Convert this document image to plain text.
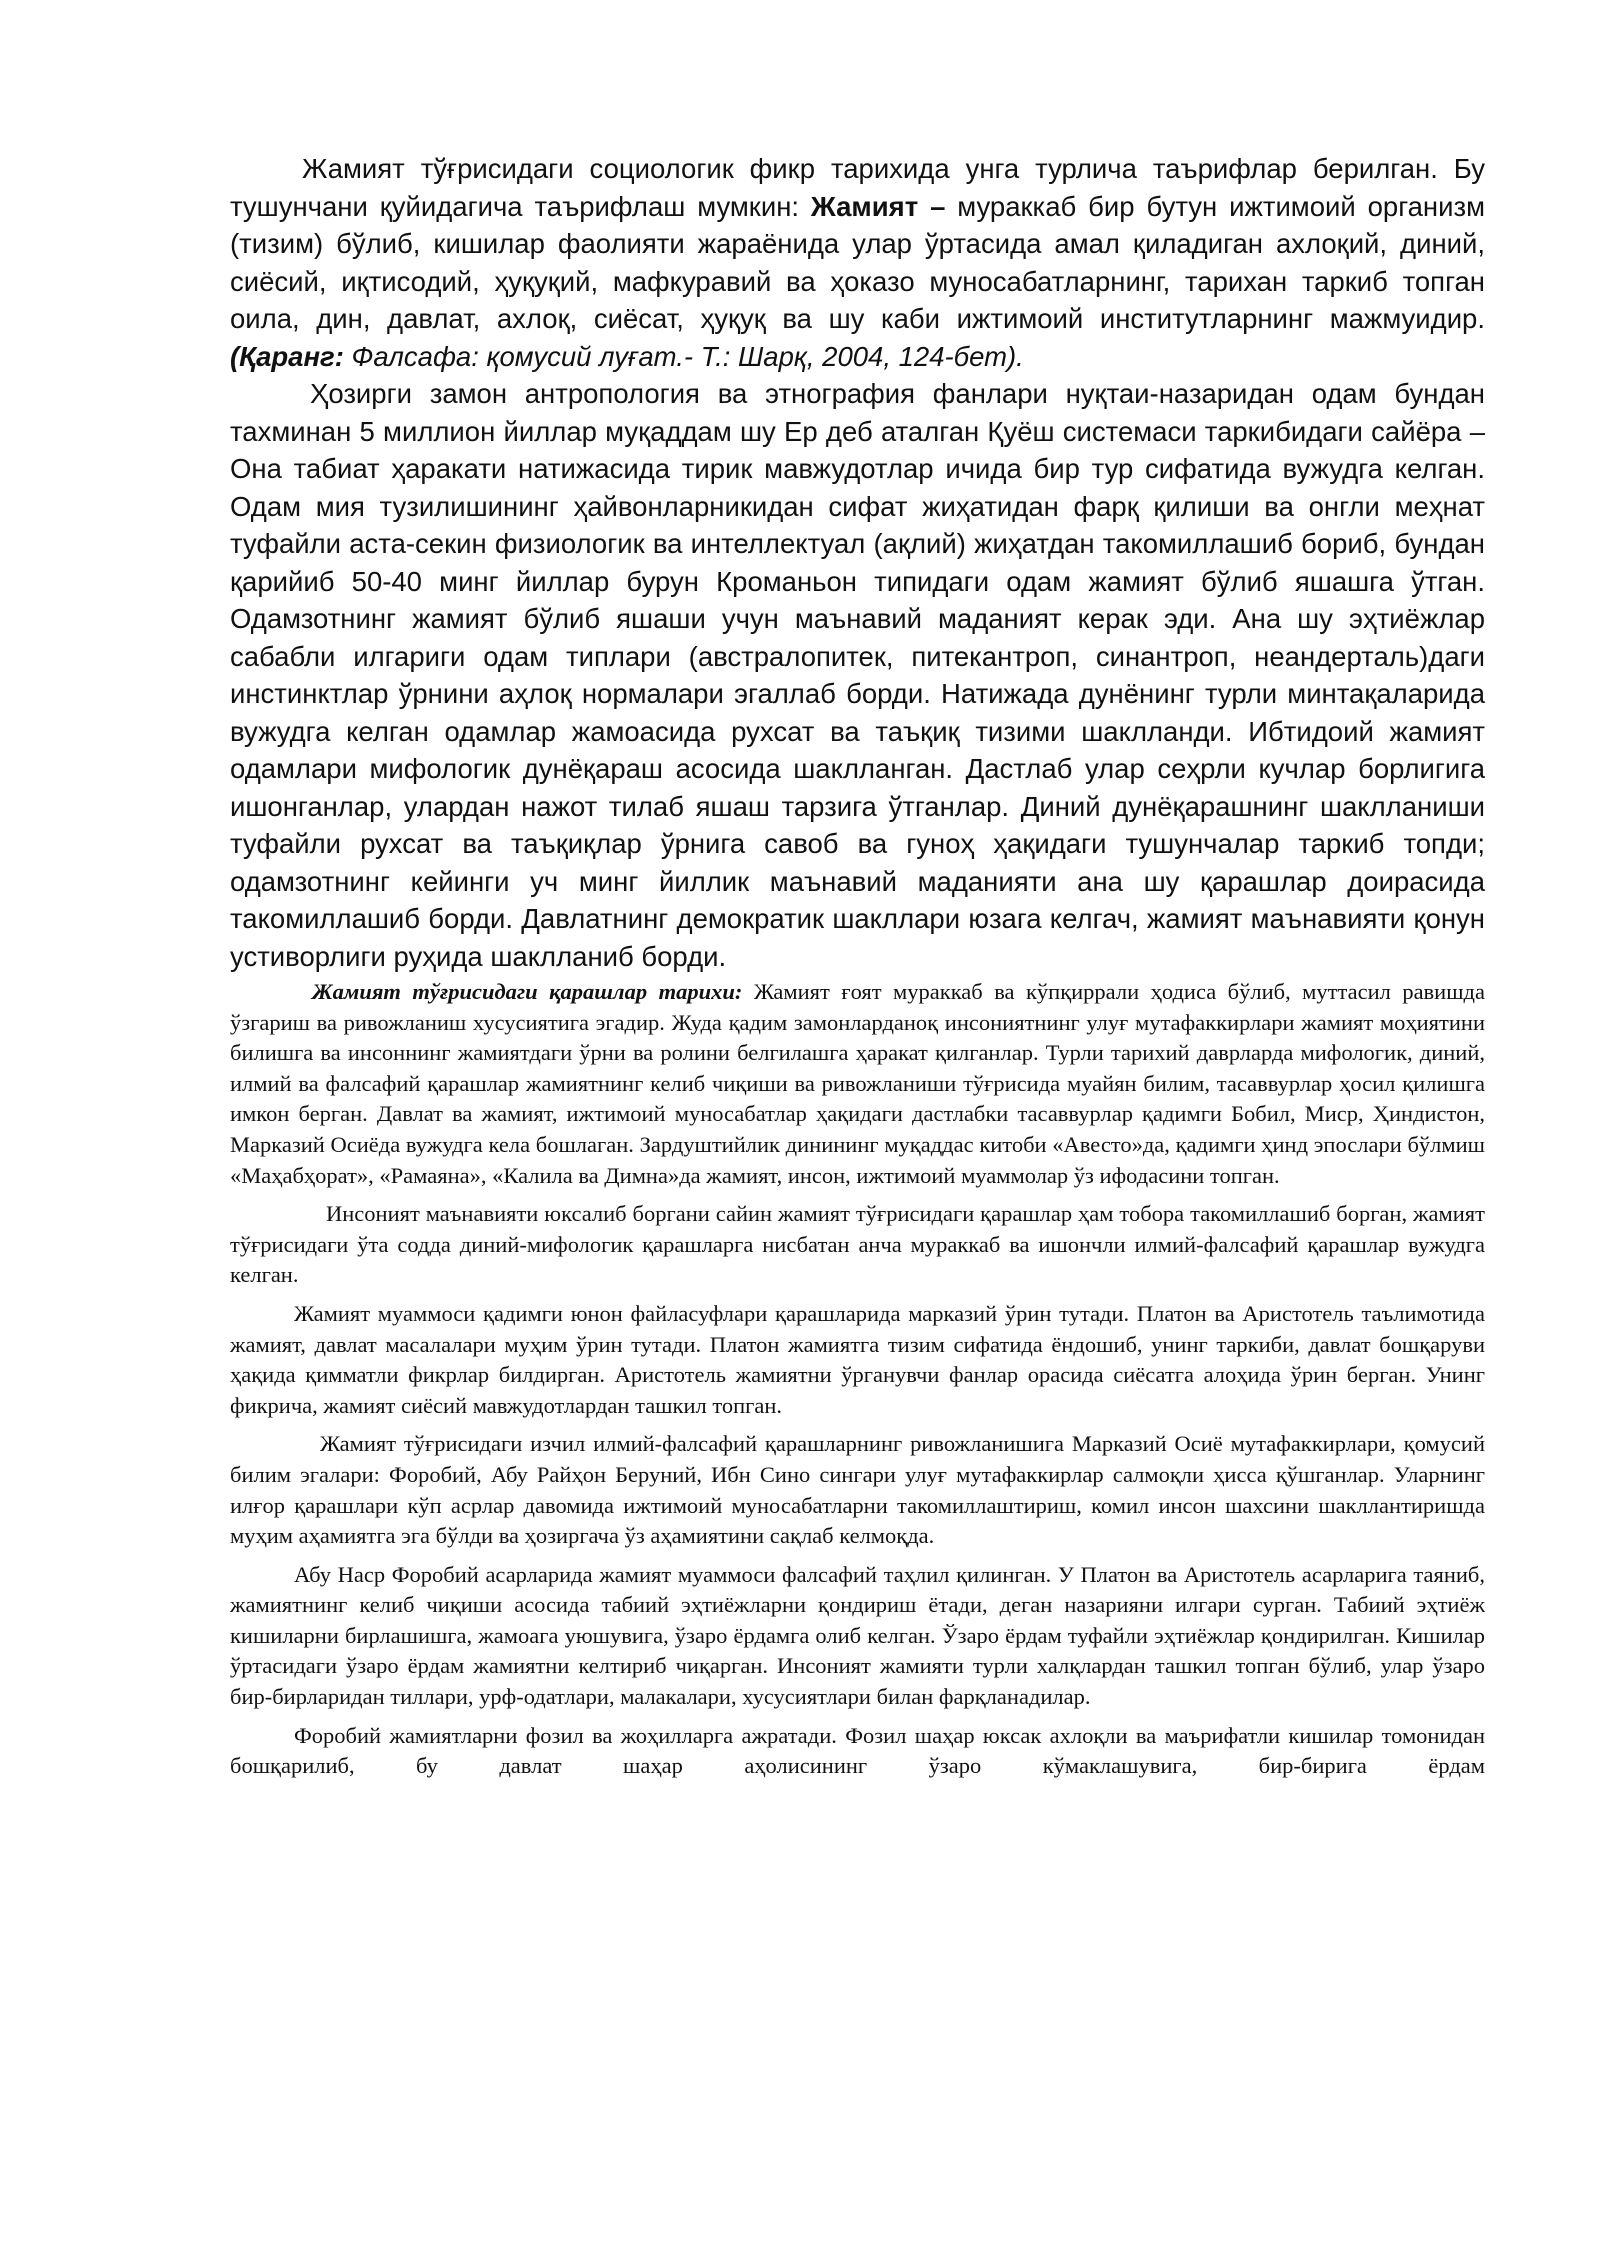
Жамият тўғрисидаги социологик фикр тарихида унга турлича таърифлар берилган. Бу тушунчани қуйидагича таърифлаш мумкин: Жамият – мураккаб бир бутун ижтимоий организм (тизим) бўлиб, кишилар фаолияти жараёнида улар ўртасида амал қиладиган ахлоқий, диний, сиёсий, иқтисодий, ҳуқуқий, мафкуравий ва ҳоказо муносабатларнинг, тарихан таркиб топган оила, дин, давлат, ахлоқ, сиёсат, ҳуқуқ ва шу каби ижтимоий институтларнинг мажмуидир.(Қаранг: Фалсафа: қомусий луғат.- Т.: Шарқ, 2004, 124-бет).

Ҳозирги замон антропология ва этнография фанлари нуқтаи-назаридан одам бундан тахминан 5 миллион йиллар муқаддам шу Ер деб аталган Қуёш системаси таркибидаги сайёра – Она табиат ҳаракати натижасида тирик мавжудотлар ичида бир тур сифатида вужудга келган. Одам мия тузилишининг ҳайвонларникидан сифат жиҳатидан фарқ қилиши ва онгли меҳнат туфайли аста-секин физиологик ва интеллектуал (ақлий) жиҳатдан такомиллашиб бориб, бундан қарийиб 50-40 минг йиллар бурун Кроманьон типидаги одам жамият бўлиб яшашга ўтган. Одамзотнинг жамият бўлиб яшаши учун маънавий маданият керак эди. Ана шу эҳтиёжлар сабабли илгариги одам типлари (австралопитек, питекантроп, синантроп, неандерталь)даги инстинктлар ўрнини аҳлоқ нормалари эгаллаб борди. Натижада дунёнинг турли минтақаларида вужудга келган одамлар жамоасида рухсат ва таъқиқ тизими шаклланди. Ибтидоий жамият одамлари мифологик дунёқараш асосида шаклланган. Дастлаб улар сеҳрли кучлар борлигига ишонганлар, улардан нажот тилаб яшаш тарзига ўтганлар. Диний дунёқарашнинг шаклланиши туфайли рухсат ва таъқиқлар ўрнига савоб ва гуноҳ ҳақидаги тушунчалар таркиб топди; одамзотнинг кейинги уч минг йиллик маънавий маданияти ана шу қарашлар доирасида такомиллашиб борди. Давлатнинг демократик шакллари юзага келгач, жамият маънавияти қонун устиворлиги руҳида шаклланиб борди.

Жамият тўғрисидаги қарашлар тарихи: Жамият ғоят мураккаб ва кўпқиррали ҳодиса бўлиб, муттасил равишда ўзгариш ва ривожланиш хусусиятига эгадир. Жуда қадим замонларданоқ инсониятнинг улуғ мутафаккирлари жамият моҳиятини билишга ва инсоннинг жамиятдаги ўрни ва ролини белгилашга ҳаракат қилганлар. Турли тарихий даврларда мифологик, диний, илмий ва фалсафий қарашлар жамиятнинг келиб чиқиши ва ривожланиши тўғрисида муайян билим, тасаввурлар ҳосил қилишга имкон берган. Давлат ва жамият, ижтимоий муносабатлар ҳақидаги дастлабки тасаввурлар қадимги Бобил, Миср, Ҳиндистон, Марказий Осиёда вужудга кела бошлаган. Зардуштийлик динининг муқаддас китоби «Авесто»да, қадимги ҳинд эпослари бўлмиш «Маҳабҳорат», «Рамаяна», «Калила ва Димна»да жамият, инсон, ижтимоий муаммолар ўз ифодасини топган.

Инсоният маънавияти юксалиб боргани сайин жамият тўғрисидаги қарашлар ҳам тобора такомиллашиб борган, жамият тўғрисидаги ўта содда диний-мифологик қарашларга нисбатан анча мураккаб ва ишончли илмий-фалсафий қарашлар вужудга келган.

Жамият муаммоси қадимги юнон файласуфлари қарашларида марказий ўрин тутади. Платон ва Аристотель таълимотида жамият, давлат масалалари муҳим ўрин тутади. Платон жамиятга тизим сифатида ёндошиб, унинг таркиби, давлат бошқаруви ҳақида қимматли фикрлар билдирган. Аристотель жамиятни ўрганувчи фанлар орасида сиёсатга алоҳида ўрин берган. Унинг фикрича, жамият сиёсий мавжудотлардан ташкил топган.

Жамият тўғрисидаги изчил илмий-фалсафий қарашларнинг ривожланишига Марказий Осиё мутафаккирлари, қомусий билим эгалари: Форобий, Абу Райҳон Беруний, Ибн Сино сингари улуғ мутафаккирлар салмоқли ҳисса қўшганлар. Уларнинг илғор қарашлари кўп асрлар давомида ижтимоий муносабатларни такомиллаштириш, комил инсон шахсини шакллантиришда муҳим аҳамиятга эга бўлди ва ҳозиргача ўз аҳамиятини сақлаб келмоқда.

Абу Наср Форобий асарларида жамият муаммоси фалсафий таҳлил қилинган. У Платон ва Аристотель асарларига таяниб, жамиятнинг келиб чиқиши асосида табиий эҳтиёжларни қондириш ётади, деган назарияни илгари сурган. Табиий эҳтиёж кишиларни бирлашишга, жамоага уюшувига, ўзаро ёрдамга олиб келган. Ўзаро ёрдам туфайли эҳтиёжлар қондирилган. Кишилар ўртасидаги ўзаро ёрдам жамиятни келтириб чиқарган. Инсоният жамияти турли халқлардан ташкил топган бўлиб, улар ўзаро бир-бирларидан тиллари, урф-одатлари, малакалари, хусусиятлари билан фарқланадилар.

Форобий жамиятларни фозил ва жоҳилларга ажратади. Фозил шаҳар юксак ахлоқли ва маърифатли кишилар томонидан бошқарилиб, бу давлат шаҳар аҳолисининг ўзаро кўмаклашувига, бир-бирига ёрдам
